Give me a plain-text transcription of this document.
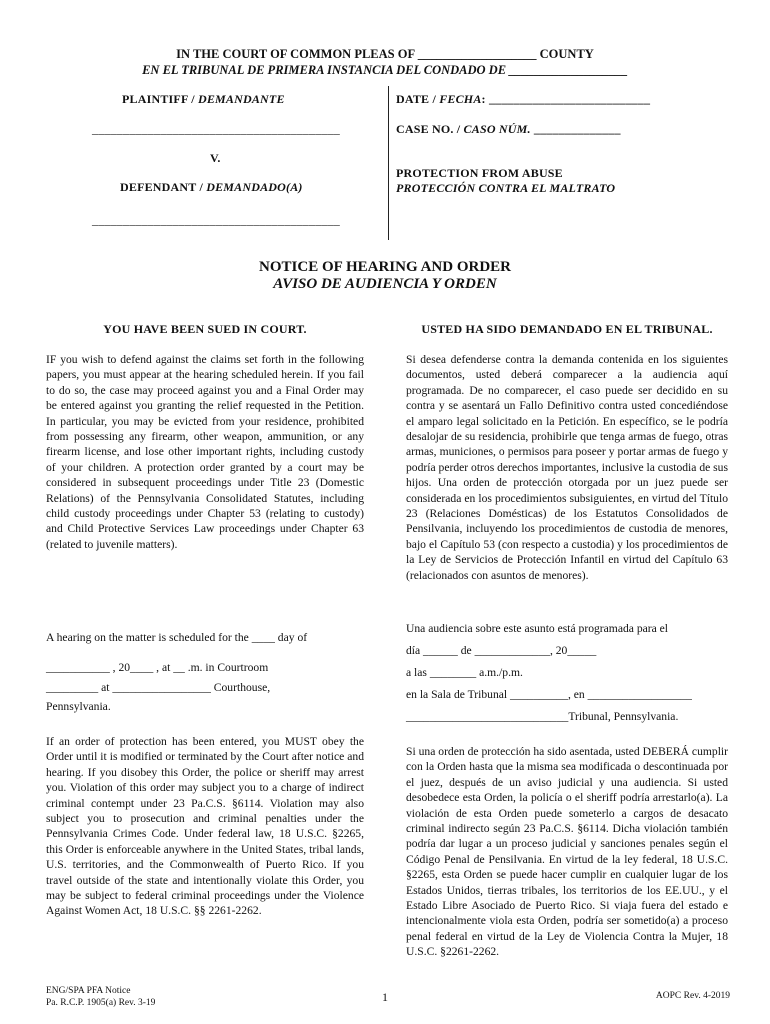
IN THE COURT OF COMMON PLEAS OF ___________________ COUNTY
EN EL TRIBUNAL DE PRIMERA INSTANCIA DEL CONDADO DE ___________________
PLAINTIFF / DEMANDANTE
________________________________________
V.
DEFENDANT / DEMANDADO(A)
________________________________________
DATE / FECHA: __________________________
CASE NO. / CASO NÚM. ______________
PROTECTION FROM ABUSE
PROTECCIÓN CONTRA EL MALTRATO
NOTICE OF HEARING AND ORDER
AVISO DE AUDIENCIA Y ORDEN
YOU HAVE BEEN SUED IN COURT.
IF you wish to defend against the claims set forth in the following papers, you must appear at the hearing scheduled herein. If you fail to do so, the case may proceed against you and a Final Order may be entered against you granting the relief requested in the Petition. In particular, you may be evicted from your residence, prohibited from possessing any firearm, other weapon, ammunition, or any firearm license, and lose other important rights, including custody of your children. A protection order granted by a court may be considered in subsequent proceedings under Title 23 (Domestic Relations) of the Pennsylvania Consolidated Statutes, including child custody proceedings under Chapter 53 (relating to custody) and Child Protective Services Law proceedings under Chapter 63 (related to juvenile matters).
A hearing on the matter is scheduled for the ____ day of
___________ , 20____ , at __ .m. in Courtroom
_________ at _________________ Courthouse,
Pennsylvania.
If an order of protection has been entered, you MUST obey the Order until it is modified or terminated by the Court after notice and hearing. If you disobey this Order, the police or sheriff may arrest you. Violation of this order may subject you to a charge of indirect criminal contempt under 23 Pa.C.S. §6114. Violation may also subject you to prosecution and criminal penalties under the Pennsylvania Crimes Code. Under federal law, 18 U.S.C. §2265, this Order is enforceable anywhere in the United States, tribal lands, U.S. territories, and the Commonwealth of Puerto Rico. If you travel outside of the state and intentionally violate this Order, you may be subject to federal criminal proceedings under the Violence Against Women Act, 18 U.S.C. §§ 2261-2262.
USTED HA SIDO DEMANDADO EN EL TRIBUNAL.
Si desea defenderse contra la demanda contenida en los siguientes documentos, usted deberá comparecer a la audiencia aquí programada. De no comparecer, el caso puede ser decidido en su contra y se asentará un Fallo Definitivo contra usted concediéndose el amparo legal solicitado en la Petición. En específico, se le podría desalojar de su residencia, prohibirle que tenga armas de fuego, otras armas, municiones, o permisos para poseer y portar armas de fuego y podría perder otros derechos importantes, inclusive la custodia de sus hijos. Una orden de protección otorgada por un juez puede ser considerada en los procedimientos subsiguientes, en virtud del Título 23 (Relaciones Domésticas) de los Estatutos Consolidados de Pensilvania, incluyendo los procedimientos de custodia de menores, bajo el Capítulo 53 (con respecto a custodia) y los procedimientos de la Ley de Servicios de Protección Infantil en virtud del Capítulo 63 (relacionados con asuntos de menores).
Una audiencia sobre este asunto está programada para el
día ______ de _____________, 20_____
a las ________ a.m./p.m.
en la Sala de Tribunal __________, en __________________
____________________________Tribunal, Pennsylvania.
Si una orden de protección ha sido asentada, usted DEBERÁ cumplir con la Orden hasta que la misma sea modificada o descontinuada por el juez, después de un aviso judicial y una audiencia. Si usted desobedece esta Orden, la policía o el sheriff podría arrestarlo(a). La violación de esta Orden puede someterlo a cargos de desacato criminal indirecto según 23 Pa.C.S. §6114. Dicha violación también podría dar lugar a un proceso judicial y sanciones penales según el Código Penal de Pensilvania. En virtud de la ley federal, 18 U.S.C. §2265, esta Orden se puede hacer cumplir en cualquier lugar de los Estados Unidos, tierras tribales, los territorios de los EE.UU., y el Estado Libre Asociado de Puerto Rico. Si viaja fuera del estado e intencionalmente viola esta Orden, podría ser sometido(a) a proceso penal federal en virtud de la Ley de Violencia Contra la Mujer, 18 U.S.C. §2261-2262.
ENG/SPA PFA Notice
Pa. R.C.P. 1905(a) Rev. 3-19	1	AOPC Rev. 4-2019
